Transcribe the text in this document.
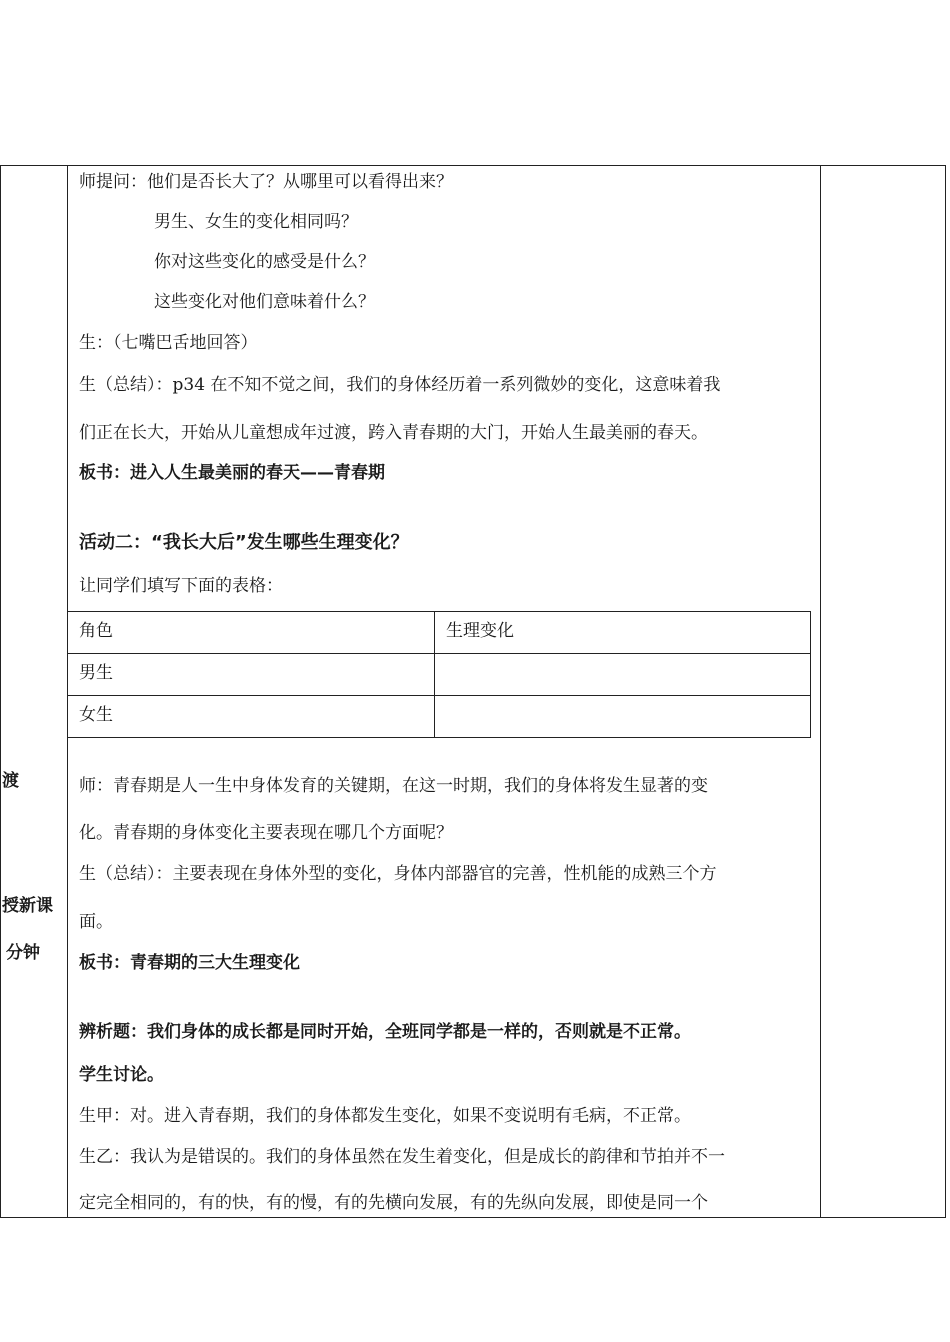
渡
授新课
分钟
师提问：他们是否长大了？从哪里可以看得出来？
男生、女生的变化相同吗？
你对这些变化的感受是什么？
这些变化对他们意味着什么？
生：（七嘴巴舌地回答）
生（总结）：p34 在不知不觉之间，我们的身体经历着一系列微妙的变化，这意味着我
们正在长大，开始从儿童想成年过渡，跨入青春期的大门，开始人生最美丽的春天。
板书：进入人生最美丽的春天——青春期
活动二：“我长大后”发生哪些生理变化？
让同学们填写下面的表格：
角色	生理变化
男生	
女生	
师：青春期是人一生中身体发育的关键期，在这一时期，我们的身体将发生显著的变
化。青春期的身体变化主要表现在哪几个方面呢？
生（总结）：主要表现在身体外型的变化，身体内部器官的完善，性机能的成熟三个方
面。
板书：青春期的三大生理变化
辨析题：我们身体的成长都是同时开始，全班同学都是一样的，否则就是不正常。
学生讨论。
生甲：对。进入青春期，我们的身体都发生变化，如果不变说明有毛病，不正常。
生乙：我认为是错误的。我们的身体虽然在发生着变化，但是成长的韵律和节拍并不一
定完全相同的，有的快，有的慢，有的先横向发展，有的先纵向发展，即使是同一个
